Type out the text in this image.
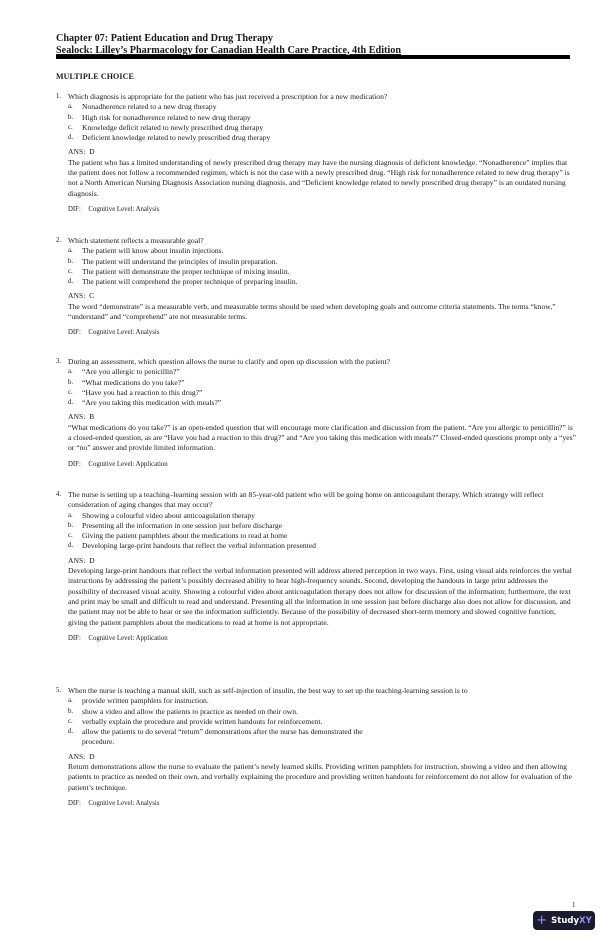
Chapter 07: Patient Education and Drug Therapy
Sealock: Lilley’s Pharmacology for Canadian Health Care Practice, 4th Edition
MULTIPLE CHOICE
1. Which diagnosis is appropriate for the patient who has just received a prescription for a new medication?
a. Nonadherence related to a new drug therapy
b. High risk for nonadherence related to new drug therapy
c. Knowledge deficit related to newly prescribed drug therapy
d. Deficient knowledge related to newly prescribed drug therapy
ANS: D
The patient who has a limited understanding of newly prescribed drug therapy may have the nursing diagnosis of deficient knowledge. “Nonadherence” implies that the patient does not follow a recommended regimen, which is not the case with a newly prescribed drug. “High risk for nonadherence related to new drug therapy” is not a North American Nursing Diagnosis Association nursing diagnosis, and “Deficient knowledge related to newly prescribed drug therapy” is an outdated nursing diagnosis.
DIF: Cognitive Level: Analysis
2. Which statement reflects a measurable goal?
a. The patient will know about insulin injections.
b. The patient will understand the principles of insulin preparation.
c. The patient will demonstrate the proper technique of mixing insulin.
d. The patient will comprehend the proper technique of preparing insulin.
ANS: C
The word “demonstrate” is a measurable verb, and measurable terms should be used when developing goals and outcome criteria statements. The terms “know,” “understand” and “comprehend” are not measurable terms.
DIF: Cognitive Level: Analysis
3. During an assessment, which question allows the nurse to clarify and open up discussion with the patient?
a. “Are you allergic to penicillin?”
b. “What medications do you take?”
c. “Have you had a reaction to this drug?”
d. “Are you taking this medication with meals?”
ANS: B
“What medications do you take?” is an open-ended question that will encourage more clarification and discussion from the patient. “Are you allergic to penicillin?” is a closed-ended question, as are “Have you had a reaction to this drug?” and “Are you taking this medication with meals?” Closed-ended questions prompt only a “yes” or “no” answer and provide limited information.
DIF: Cognitive Level: Application
4. The nurse is setting up a teaching–learning session with an 85-year-old patient who will be going home on anticoagulant therapy. Which strategy will reflect consideration of aging changes that may occur?
a. Showing a colourful video about anticoagulation therapy
b. Presenting all the information in one session just before discharge
c. Giving the patient pamphlets about the medications to read at home
d. Developing large-print handouts that reflect the verbal information presented
ANS: D
Developing large-print handouts that reflect the verbal information presented will address altered perception in two ways. First, using visual aids reinforces the verbal instructions by addressing the patient’s possibly decreased ability to hear high-frequency sounds. Second, developing the handouts in large print addresses the possibility of decreased visual acuity. Showing a colourful video about anticoagulation therapy does not allow for discussion of the information; furthermore, the text and print may be small and difficult to read and understand. Presenting all the information in one session just before discharge also does not allow for discussion, and the patient may not be able to hear or see the information sufficiently. Because of the possibility of decreased short-term memory and slowed cognitive function, giving the patient pamphlets about the medications to read at home is not appropriate.
DIF: Cognitive Level: Application
5. When the nurse is teaching a manual skill, such as self-injection of insulin, the best way to set up the teaching-learning session is to
a. provide written pamphlets for instruction.
b. show a video and allow the patients to practice as needed on their own.
c. verbally explain the procedure and provide written handouts for reinforcement.
d. allow the patients to do several “return” demonstrations after the nurse has demonstrated the procedure.
ANS: D
Return demonstrations allow the nurse to evaluate the patient’s newly learned skills. Providing written pamphlets for instruction, showing a video and then allowing patients to practice as needed on their own, and verbally explaining the procedure and providing written handouts for reinforcement do not allow for evaluation of the patient’s technique.
DIF: Cognitive Level: Analysis
1
+ StudyXY
